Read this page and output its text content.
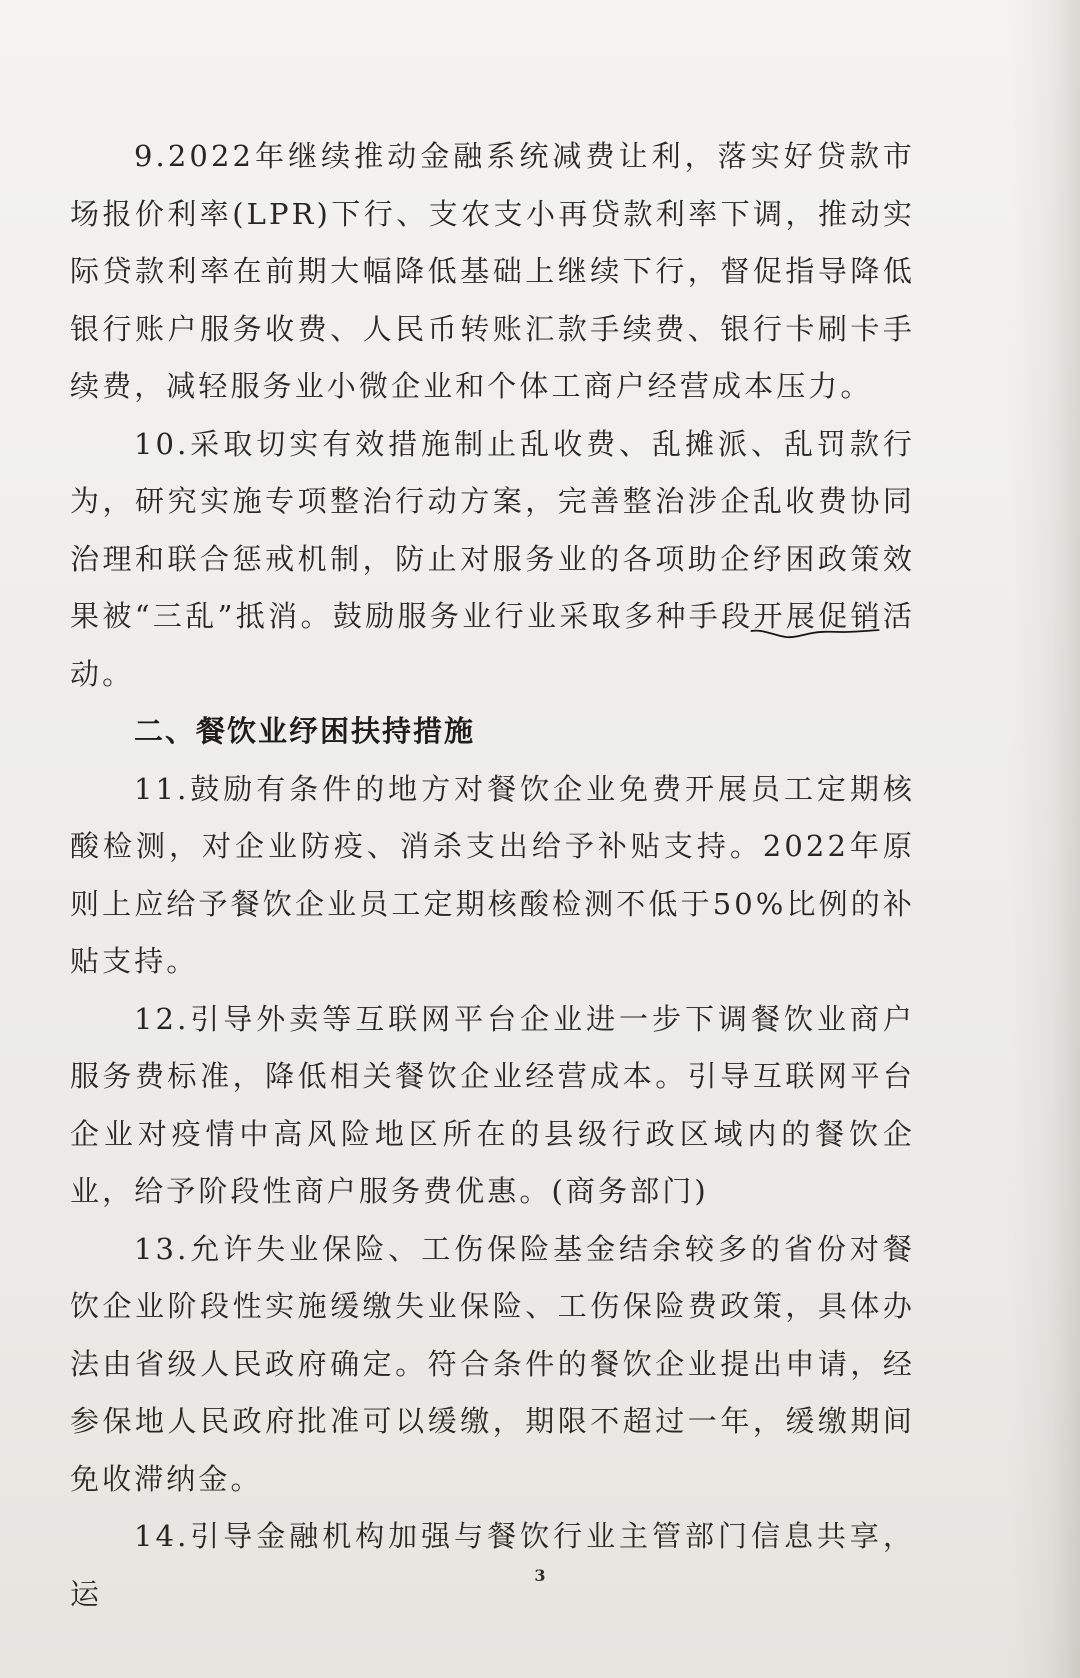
9.2022年继续推动金融系统减费让利，落实好贷款市场报价利率(LPR)下行、支农支小再贷款利率下调，推动实际贷款利率在前期大幅降低基础上继续下行，督促指导降低银行账户服务收费、人民币转账汇款手续费、银行卡刷卡手续费，减轻服务业小微企业和个体工商户经营成本压力。

10.采取切实有效措施制止乱收费、乱摊派、乱罚款行为，研究实施专项整治行动方案，完善整治涉企乱收费协同治理和联合惩戒机制，防止对服务业的各项助企纾困政策效果被“三乱”抵消。鼓励服务业行业采取多种手段开展促销
活动。

二、餐饮业纾困扶持措施

11.鼓励有条件的地方对餐饮企业免费开展员工定期核酸检测，对企业防疫、消杀支出给予补贴支持。2022年原则上应给予餐饮企业员工定期核酸检测不低于50%比例的补贴支持。

12.引导外卖等互联网平台企业进一步下调餐饮业商户服务费标准，降低相关餐饮企业经营成本。引导互联网平台企业对疫情中高风险地区所在的县级行政区域内的餐饮企业，给予阶段性商户服务费优惠。(商务部门)

13.允许失业保险、工伤保险基金结余较多的省份对餐饮企业阶段性实施缓缴失业保险、工伤保险费政策，具体办法由省级人民政府确定。符合条件的餐饮企业提出申请，经参保地人民政府批准可以缓缴，期限不超过一年，缓缴期间免收滞纳金。

14.引导金融机构加强与餐饮行业主管部门信息共享，运

3
